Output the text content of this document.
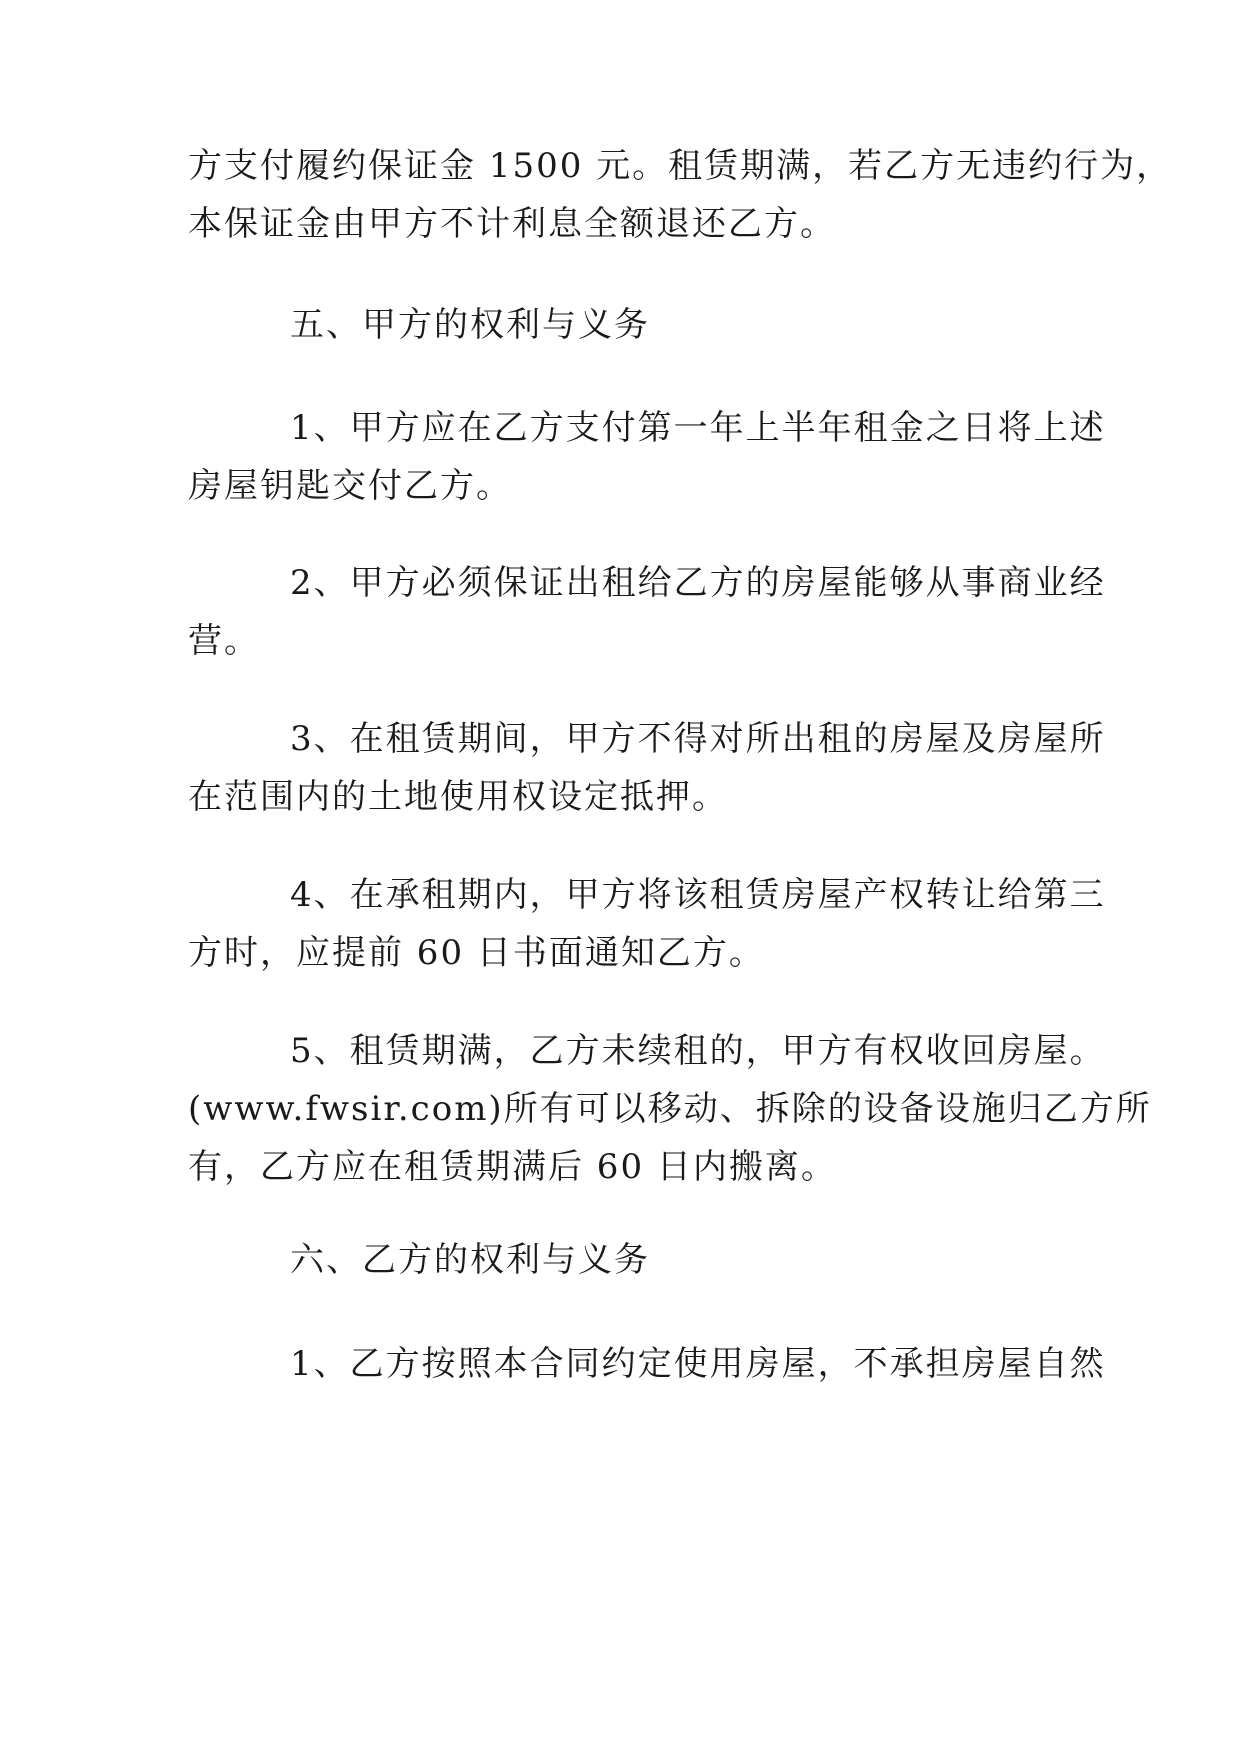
方支付履约保证金 1500 元。租赁期满，若乙方无违约行为，
本保证金由甲方不计利息全额退还乙方。

五、甲方的权利与义务

1、甲方应在乙方支付第一年上半年租金之日将上述
房屋钥匙交付乙方。

2、甲方必须保证出租给乙方的房屋能够从事商业经
营。

3、在租赁期间，甲方不得对所出租的房屋及房屋所
在范围内的土地使用权设定抵押。

4、在承租期内，甲方将该租赁房屋产权转让给第三
方时，应提前 60 日书面通知乙方。

5、租赁期满，乙方未续租的，甲方有权收回房屋。
(www.fwsir.com)所有可以移动、拆除的设备设施归乙方所
有，乙方应在租赁期满后 60 日内搬离。

六、乙方的权利与义务

1、乙方按照本合同约定使用房屋，不承担房屋自然
